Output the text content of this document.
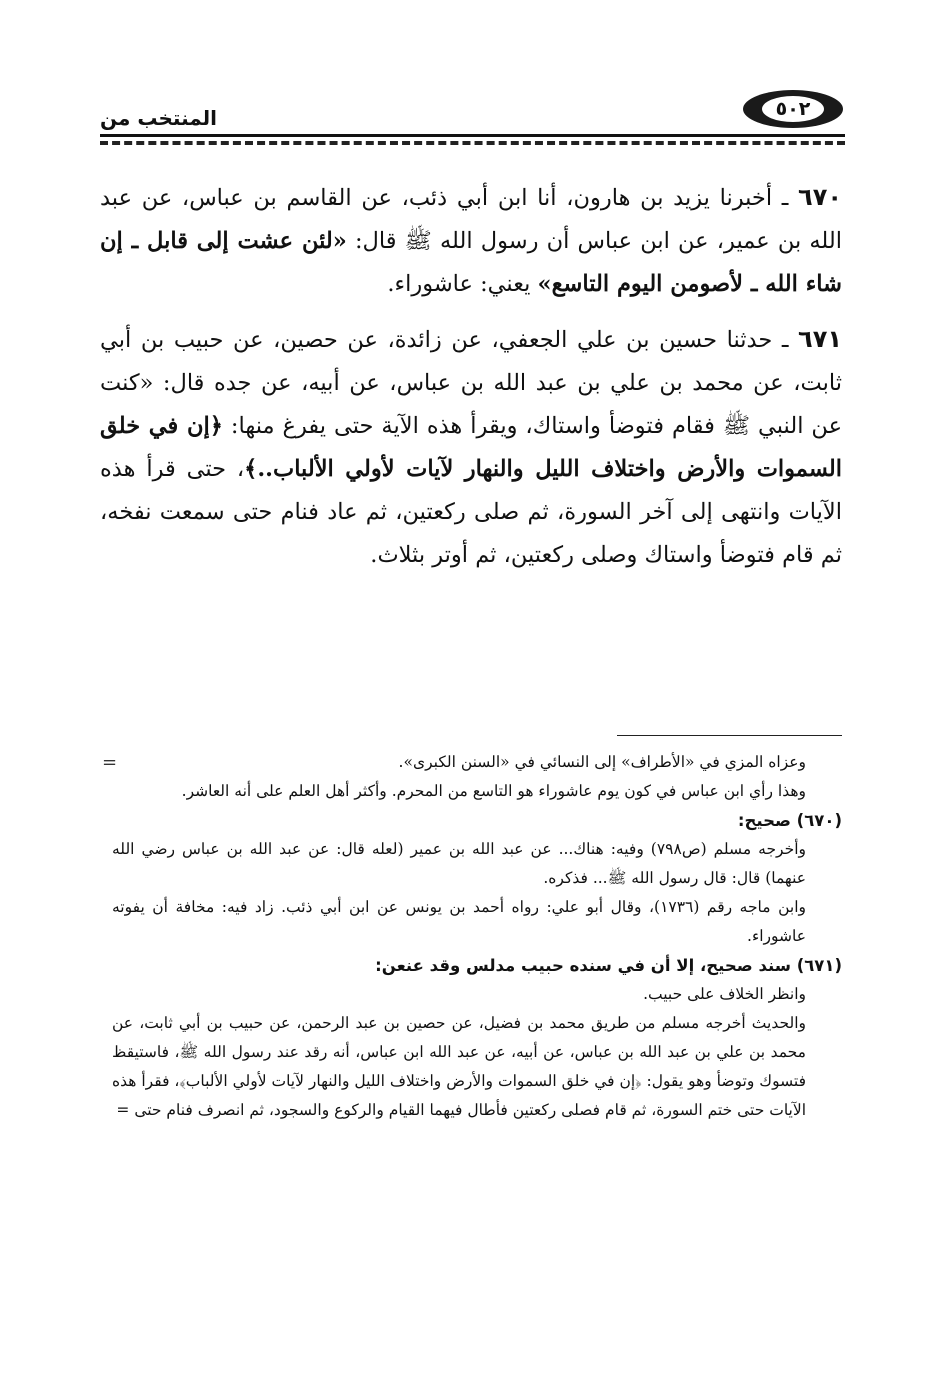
٥٠٢
المنتخب من

٦٧٠ ـ أخبرنا يزيد بن هارون، أنا ابن أبي ذئب، عن القاسم بن عباس، عن عبد الله بن عمير، عن ابن عباس أن رسول الله ﷺ قال: «لئن عشت إلى قابل ـ إن شاء الله ـ لأصومن اليوم التاسع» يعني: عاشوراء.

٦٧١ ـ حدثنا حسين بن علي الجعفي، عن زائدة، عن حصين، عن حبيب بن أبي ثابت، عن محمد بن علي بن عبد الله بن عباس، عن أبيه، عن جده قال: «كنت عن النبي ﷺ فقام فتوضأ واستاك، ويقرأ هذه الآية حتى يفرغ منها: ﴿إن في خلق السموات والأرض واختلاف الليل والنهار لآيات لأولي الألباب..﴾، حتى قرأ هذه الآيات وانتهى إلى آخر السورة، ثم صلى ركعتين، ثم عاد فنام حتى سمعت نفخه، ثم قام فتوضأ واستاك وصلى ركعتين، ثم أوتر بثلاث.

=	وعزاه المزي في «الأطراف» إلى النسائي في «السنن الكبرى».

وهذا رأي ابن عباس في كون يوم عاشوراء هو التاسع من المحرم. وأكثر أهل العلم على أنه العاشر.

(٦٧٠) صحيح:

وأخرجه مسلم (ص٧٩٨) وفيه: هناك... عن عبد الله بن عمير (لعله قال: عن عبد الله بن عباس رضي الله عنهما) قال: قال رسول الله ﷺ... فذكره.

وابن ماجه رقم (١٧٣٦)، وقال أبو علي: رواه أحمد بن يونس عن ابن أبي ذئب. زاد فيه: مخافة أن يفوته عاشوراء.

(٦٧١) سند صحيح، إلا أن في سنده حبيب مدلس وقد عنعن:

وانظر الخلاف على حبيب.

والحديث أخرجه مسلم من طريق محمد بن فضيل، عن حصين بن عبد الرحمن، عن حبيب بن أبي ثابت، عن محمد بن علي بن عبد الله بن عباس، عن أبيه، عن عبد الله ابن عباس، أنه رقد عند رسول الله ﷺ، فاستيقظ فتسوك وتوضأ وهو يقول: ﴿إن في خلق السموات والأرض واختلاف الليل والنهار لآيات لأولي الألباب﴾، فقرأ هذه الآيات حتى ختم السورة، ثم قام فصلى ركعتين فأطال فيهما القيام والركوع والسجود، ثم انصرف فنام حتى =
